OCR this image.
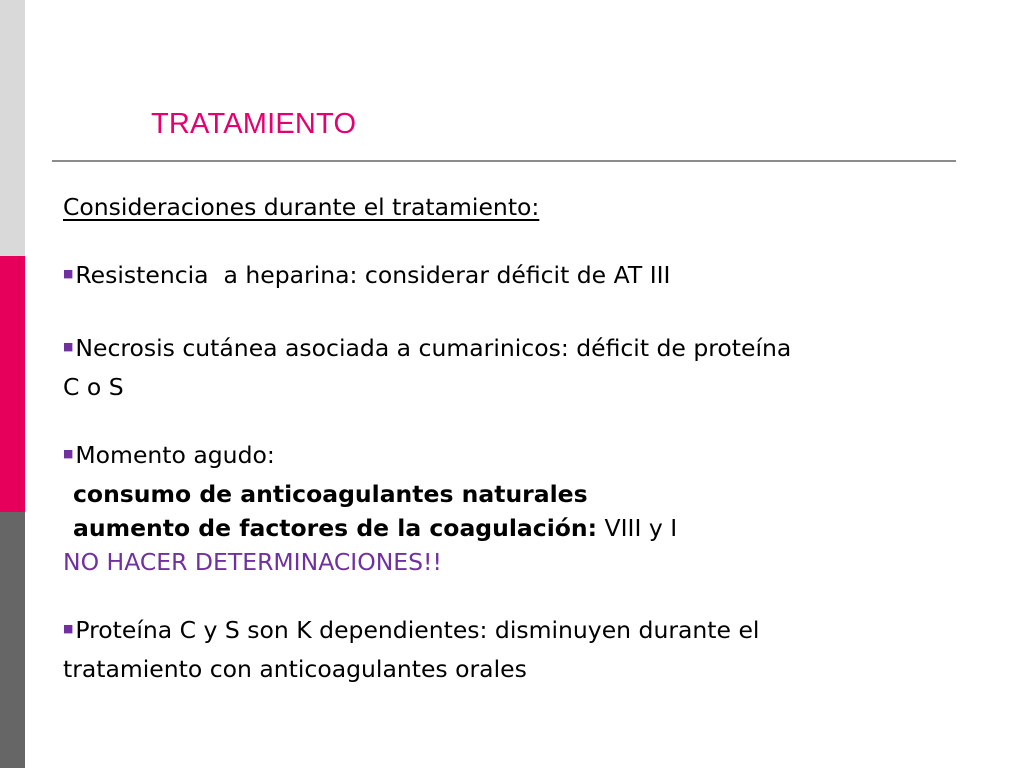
TRATAMIENTO
Consideraciones durante el tratamiento:
■Resistencia  a heparina: considerar déficit de AT III
■Necrosis cutánea asociada a cumarinicos: déficit de proteína
C o S
■Momento agudo:
consumo de anticoagulantes naturales
aumento de factores de la coagulación: VIII y I
NO HACER DETERMINACIONES!!
■Proteína C y S son K dependientes: disminuyen durante el
tratamiento con anticoagulantes orales
